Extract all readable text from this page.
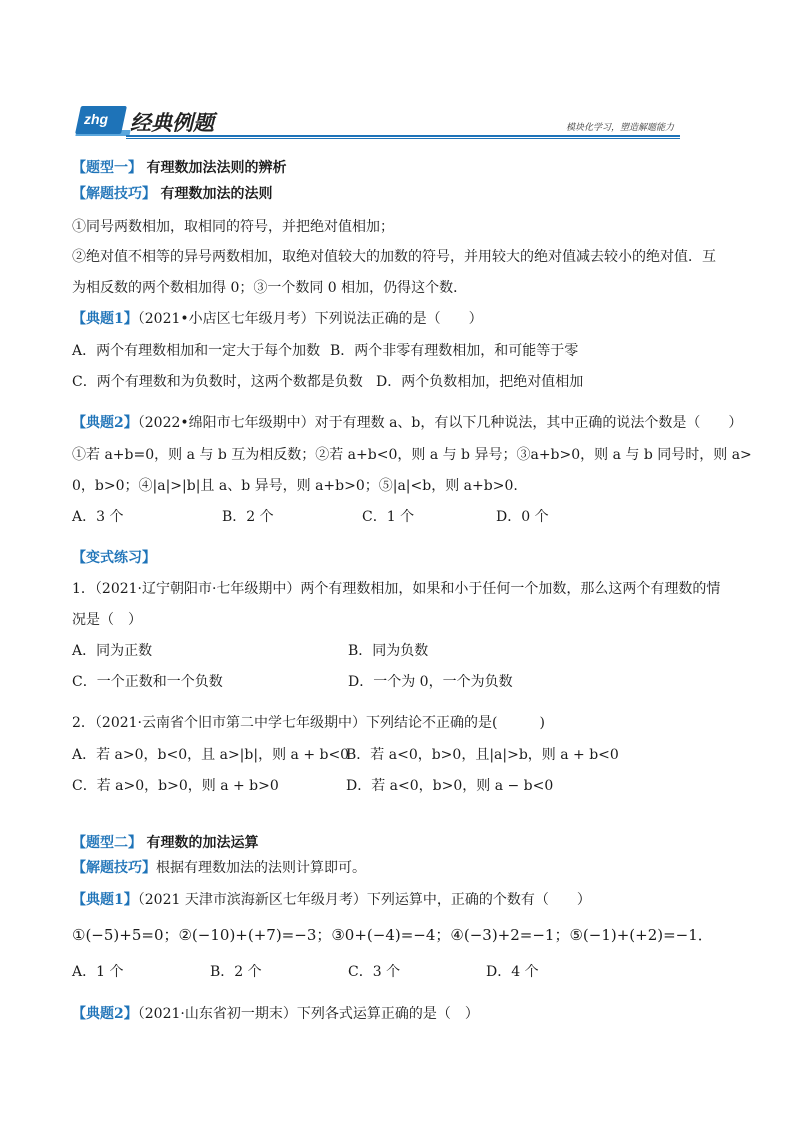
zhg 经典例题	模块化学习，塑造解题能力
【题型一】 有理数加法法则的辨析
【解题技巧】 有理数加法的法则
①同号两数相加，取相同的符号，并把绝对值相加；
②绝对值不相等的异号两数相加，取绝对值较大的加数的符号，并用较大的绝对值减去较小的绝对值．互
为相反数的两个数相加得 0；③一个数同 0 相加，仍得这个数．
【典题1】（2021•小店区七年级月考）下列说法正确的是（　　）
A．两个有理数相加和一定大于每个加数 B．两个非零有理数相加，和可能等于零
C．两个有理数和为负数时，这两个数都是负数 D．两个负数相加，把绝对值相加
【典题2】（2022•绵阳市七年级期中）对于有理数 a、b，有以下几种说法，其中正确的说法个数是（　　）
①若 a+b=0，则 a 与 b 互为相反数；②若 a+b<0，则 a 与 b 异号；③a+b>0，则 a 与 b 同号时，则 a>
0，b>0；④|a|>|b|且 a、b 异号，则 a+b>0；⑤|a|<b，则 a+b>0.
A．3 个	B．2 个	C．1 个	D．0 个
【变式练习】
1．（2021·辽宁朝阳市·七年级期中）两个有理数相加，如果和小于任何一个加数，那么这两个有理数的情
况是（　）
A．同为正数	B．同为负数
C．一个正数和一个负数	D．一个为 0，一个为负数
2．（2021·云南省个旧市第二中学七年级期中）下列结论不正确的是(　　　)
A．若 a>0，b<0，且 a>|b|，则 a + b<0
B．若 a<0，b>0，且|a|>b，则 a + b<0
C．若 a>0，b>0，则 a + b>0	D．若 a<0，b>0，则 a − b<0
【题型二】 有理数的加法运算
【解题技巧】根据有理数加法的法则计算即可。
【典题1】（2021 天津市滨海新区七年级月考）下列运算中，正确的个数有（　　）
①(−5)+5=0；②(−10)+(+7)=−3；③0+(−4)=−4；④(−3)+2=−1；⑤(−1)+(+2)=−1．
A．1 个	B．2 个	C．3 个	D．4 个
【典题2】（2021·山东省初一期末）下列各式运算正确的是（　）
